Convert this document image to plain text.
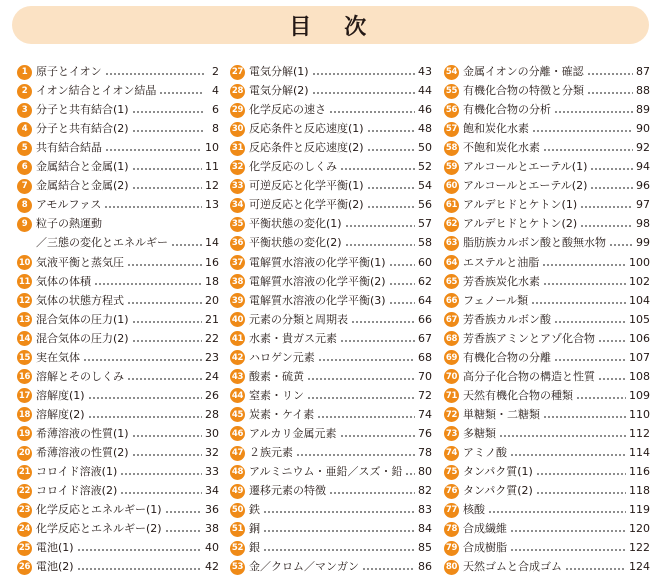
目　次
1 原子とイオン	2
2 イオン結合とイオン結晶	4
3 分子と共有結合(1)	6
4 分子と共有結合(2)	8
5 共有結合結晶	10
6 金属結合と金属(1)	11
7 金属結合と金属(2)	12
8 アモルファス	13
9 粒子の熱運動
／三態の変化とエネルギー	14
10 気液平衡と蒸気圧	16
11 気体の体積	18
12 気体の状態方程式	20
13 混合気体の圧力(1)	21
14 混合気体の圧力(2)	22
15 実在気体	23
16 溶解とそのしくみ	24
17 溶解度(1)	26
18 溶解度(2)	28
19 希薄溶液の性質(1)	30
20 希薄溶液の性質(2)	32
21 コロイド溶液(1)	33
22 コロイド溶液(2)	34
23 化学反応とエネルギー(1)	36
24 化学反応とエネルギー(2)	38
25 電池(1)	40
26 電池(2)	42
27 電気分解(1)	43
28 電気分解(2)	44
29 化学反応の速さ	46
30 反応条件と反応速度(1)	48
31 反応条件と反応速度(2)	50
32 化学反応のしくみ	52
33 可逆反応と化学平衡(1)	54
34 可逆反応と化学平衡(2)	56
35 平衡状態の変化(1)	57
36 平衡状態の変化(2)	58
37 電解質水溶液の化学平衡(1)	60
38 電解質水溶液の化学平衡(2)	62
39 電解質水溶液の化学平衡(3)	64
40 元素の分類と周期表	66
41 水素・貴ガス元素	67
42 ハロゲン元素	68
43 酸素・硫黄	70
44 窒素・リン	72
45 炭素・ケイ素	74
46 アルカリ金属元素	76
47 ２族元素	78
48 アルミニウム・亜鉛／スズ・鉛 80
49 遷移元素の特徴	82
50 鉄	83
51 銅	84
52 銀	85
53 金／クロム／マンガン	86
54 金属イオンの分離・確認	87
55 有機化合物の特徴と分類	88
56 有機化合物の分析	89
57 飽和炭化水素	90
58 不飽和炭化水素	92
59 アルコールとエーテル(1)	94
60 アルコールとエーテル(2)	96
61 アルデヒドとケトン(1)	97
62 アルデヒドとケトン(2)	98
63 脂肪族カルボン酸と酸無水物	99
64 エステルと油脂	100
65 芳香族炭化水素	102
66 フェノール類	104
67 芳香族カルボン酸	105
68 芳香族アミンとアゾ化合物	106
69 有機化合物の分離	107
70 高分子化合物の構造と性質	108
71 天然有機化合物の種類	109
72 単糖類・二糖類	110
73 多糖類	112
74 アミノ酸	114
75 タンパク質(1)	116
76 タンパク質(2)	118
77 核酸	119
78 合成繊維	120
79 合成樹脂	122
80 天然ゴムと合成ゴム	124
